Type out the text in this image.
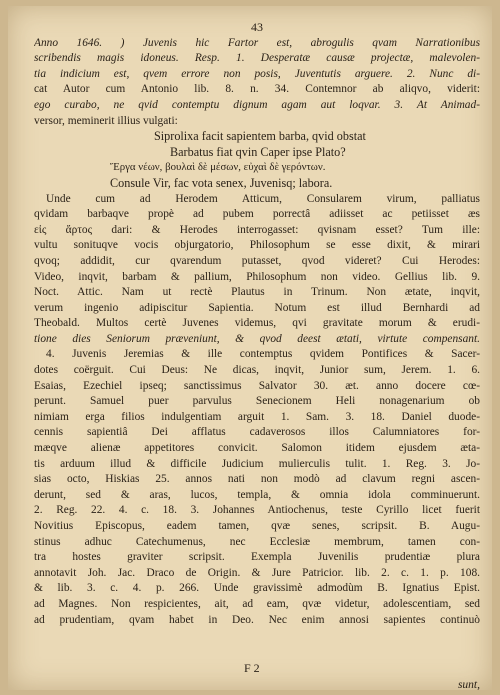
43
Anno 1646. ) Juvenis hic Fartor est, abrogulis qvam Narrationibus
scribendis magis idoneus. Resp. 1. Desperatæ causæ projectæ, malevolen-
tia indicium est, qvem errore non posis, Juventutis arguere. 2. Nunc di-
cat Autor cum Antonio lib. 8. n. 34. Contemnor ab aliqvo, viderit:
ego curabo, ne qvid contemptu dignum agam aut loqvar. 3. At Animad-
versor, meminerit illius vulgati:
Siprolixa facit sapientem barba, qvid obstat
Barbatus fiat qvin Caper ipse Plato?
Ἔργα νέων, βουλαὶ δὲ μέσων, εὐχαὶ δὲ γερόντων.
Consule Vir, fac vota senex, Juvenisq; labora.
Unde cum ad Herodem Atticum, Consularem virum, palliatus
qvidam barbaqve propè ad pubem porrectâ adiisset ac petiisset æs
εἰς ἄρτος dari: & Herodes interrogasset: qvisnam esset? Tum ille:
vultu sonituqve vocis objurgatorio, Philosophum se esse dixit, & mirari
qvoq; addidit, cur qvarendum putasset, qvod videret? Cui Herodes:
Video, inqvit, barbam & pallium, Philosophum non video. Gellius lib. 9.
Noct. Attic. Nam ut rectè Plautus in Trinum. Non ætate, inqvit,
verum ingenio adipiscitur Sapientia. Notum est illud Bernhardi ad
Theobald. Multos certè Juvenes videmus, qvi gravitate morum & erudi-
tione dies Seniorum præveniunt, & qvod deest ætati, virtute compensant.
4. Juvenis Jeremias & ille contemptus qvidem Pontifices & Sacer-
dotes coërguit. Cui Deus: Ne dicas, inqvit, Junior sum, Jerem. 1. 6.
Esaias, Ezechiel ipseq; sanctissimus Salvator 30. æt. anno docere cœ-
perunt. Samuel puer parvulus Senecionem Heli nonagenarium ob
nimiam erga filios indulgentiam arguit 1. Sam. 3. 18. Daniel duode-
cennis sapientiâ Dei afflatus cadaverosos illos Calumniatores for-
mæqve alienæ appetitores convicit. Salomon itidem ejusdem æta-
tis arduum illud & difficile Judicium mulierculis tulit. 1. Reg. 3. Jo-
sias octo, Hiskias 25. annos nati non modò ad clavum regni ascen-
derunt, sed & aras, lucos, templa, & omnia idola comminuerunt.
2. Reg. 22. 4. c. 18. 3. Johannes Antiochenus, teste Cyrillo licet fuerit
Novitius Episcopus, eadem tamen, qvæ senes, scripsit. B. Augu-
stinus adhuc Catechumenus, nec Ecclesiæ membrum, tamen con-
tra hostes graviter scripsit. Exempla Juvenilis prudentiæ plura
annotavit Joh. Jac. Draco de Origin. & Jure Patricior. lib. 2. c. 1. p. 108.
& lib. 3. c. 4. p. 266. Unde gravissimè admodùm B. Ignatius Epist.
ad Magnes. Non respicientes, ait, ad eam, qvæ videtur, adolescentiam, sed
ad prudentiam, qvam habet in Deo. Nec enim annosi sapientes continuò
F 2
sunt,
